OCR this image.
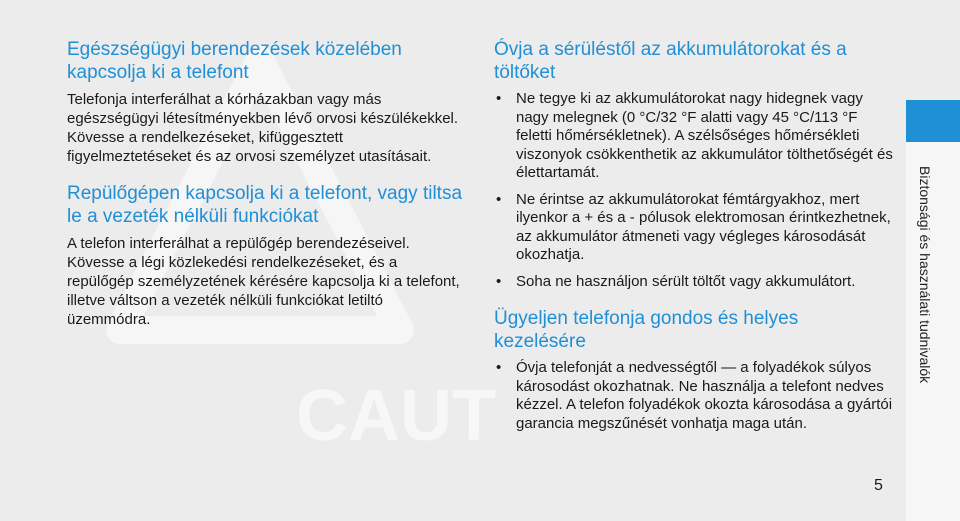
CAUT
Egészségügyi berendezések közelében kapcsolja ki a telefont

Telefonja interferálhat a kórházakban vagy más egészségügyi létesítményekben lévő orvosi készülékekkel. Kövesse a rendelkezéseket, kifüggesztett figyelmeztetéseket és az orvosi személyzet utasításait.

Repülőgépen kapcsolja ki a telefont, vagy tiltsa le a vezeték nélküli funkciókat

A telefon interferálhat a repülőgép berendezéseivel. Kövesse a légi közlekedési rendelkezéseket, és a repülőgép személyzetének kérésére kapcsolja ki a telefont, illetve váltson a vezeték nélküli funkciókat letiltó üzemmódra.

Óvja a sérüléstől az akkumulátorokat és a töltőket
• Ne tegye ki az akkumulátorokat nagy hidegnek vagy nagy melegnek (0 °C/32 °F alatti vagy 45 °C/113 °F feletti hőmérsékletnek). A szélsőséges hőmérsékleti viszonyok csökkenthetik az akkumulátor tölthetőségét és élettartamát.
• Ne érintse az akkumulátorokat fémtárgyakhoz, mert ilyenkor a + és a - pólusok elektromosan érintkezhetnek, az akkumulátor átmeneti vagy végleges károsodását okozhatja.
• Soha ne használjon sérült töltőt vagy akkumulátort.
Ügyeljen telefonja gondos és helyes kezelésére
• Óvja telefonját a nedvességtől — a folyadékok súlyos károsodást okozhatnak. Ne használja a telefont nedves kézzel. A telefon folyadékok okozta károsodása a gyártói garancia megszűnését vonhatja maga után.
Biztonsági és használati tudnivalók
5
